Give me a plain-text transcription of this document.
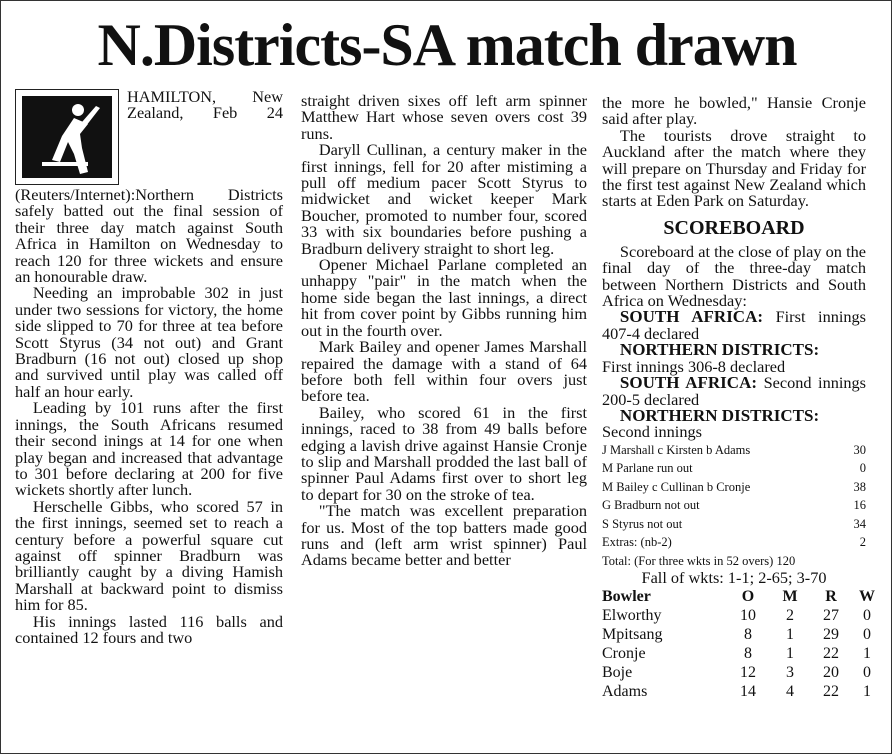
N.Districts-SA match drawn

HAMILTON, New Zealand, Feb 24 (Reuters/Internet):Northern Districts safely batted out the final session of their three day match against South Africa in Hamilton on Wednesday to reach 120 for three wickets and ensure an honourable draw.

Needing an improbable 302 in just under two sessions for victory, the home side slipped to 70 for three at tea before Scott Styrus (34 not out) and Grant Bradburn (16 not out) closed up shop and survived until play was called off half an hour early.

Leading by 101 runs after the first innings, the South Africans resumed their second inings at 14 for one when play began and increased that advantage to 301 before declaring at 200 for five wickets shortly after lunch.

Herschelle Gibbs, who scored 57 in the first innings, seemed set to reach a century before a powerful square cut against off spinner Bradburn was brilliantly caught by a diving Hamish Marshall at backward point to dismiss him for 85.

His innings lasted 116 balls and contained 12 fours and two

straight driven sixes off left arm spinner Matthew Hart whose seven overs cost 39 runs.

Daryll Cullinan, a century maker in the first innings, fell for 20 after mistiming a pull off medium pacer Scott Styrus to midwicket and wicket keeper Mark Boucher, promoted to number four, scored 33 with six boundaries before pushing a Bradburn delivery straight to short leg.

Opener Michael Parlane completed an unhappy "pair" in the match when the home side began the last innings, a direct hit from cover point by Gibbs running him out in the fourth over.

Mark Bailey and opener James Marshall repaired the damage with a stand of 64 before both fell within four overs just before tea.

Bailey, who scored 61 in the first innings, raced to 38 from 49 balls before edging a lavish drive against Hansie Cronje to slip and Marshall prodded the last ball of spinner Paul Adams first over to short leg to depart for 30 on the stroke of tea.

"The match was excellent preparation for us. Most of the top batters made good runs and (left arm wrist spinner) Paul Adams became better and better

the more he bowled," Hansie Cronje said after play.

The tourists drove straight to Auckland after the match where they will prepare on Thursday and Friday for the first test against New Zealand which starts at Eden Park on Saturday.

SCOREBOARD

Scoreboard at the close of play on the final day of the three-day match between Northern Districts and South Africa on Wednesday:

SOUTH AFRICA: First innings 407-4 declared

NORTHERN DISTRICTS:

First innings 306-8 declared

SOUTH AFRICA: Second innings 200-5 declared

NORTHERN DISTRICTS:

Second innings

J Marshall c Kirsten b Adams	30
M Parlane run out	0
M Bailey c Cullinan b Cronje	38
G Bradburn not out	16
S Styrus not out	34
Extras: (nb-2)	2
Total: (For three wkts in 52 overs) 120

Fall of wkts: 1-1; 2-65; 3-70

Bowler	O	M	R	W
Elworthy	10	2	27	0
Mpitsang	8	1	29	0
Cronje	8	1	22	1
Boje	12	3	20	0
Adams	14	4	22	1
